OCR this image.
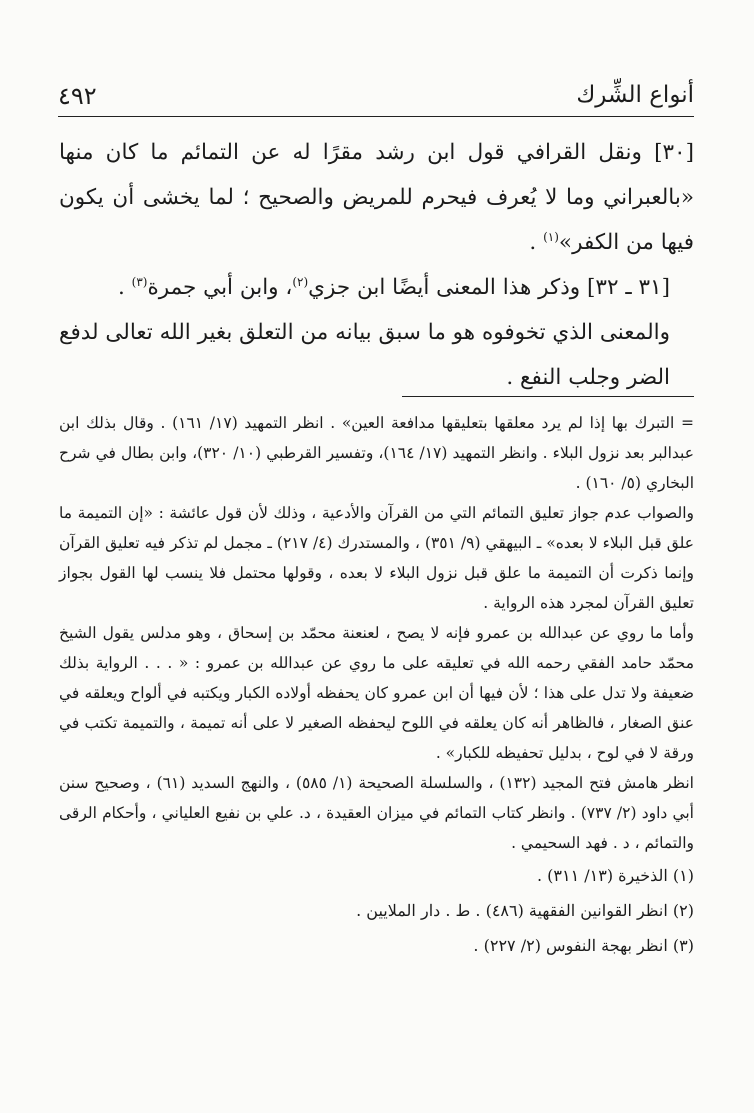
أنواع الشِّرك
٤٩٢

[٣٠] ونقل القرافي قول ابن رشد مقرًا له عن التمائم ما كان منها «بالعبراني وما لا يُعرف فيحرم للمريض والصحيح ؛ لما يخشى أن يكون فيها من الكفر»$^{(١)}$ .

[٣١ ـ ٣٢] وذكر هذا المعنى أيضًا ابن جزي$^{(٢)}$، وابن أبي جمرة$^{(٣)}$ .

والمعنى الذي تخوفوه هو ما سبق بيانه من التعلق بغير الله تعالى لدفع الضر وجلب النفع .

= التبرك بها إذا لم يرد معلقها بتعليقها مدافعة العين» . انظر التمهيد (١٧/ ١٦١) . وقال بذلك ابن عبدالبر بعد نزول البلاء . وانظر التمهيد (١٧/ ١٦٤)، وتفسير القرطبي (١٠/ ٣٢٠)، وابن بطال في شرح البخاري (٥/ ١٦٠) .

والصواب عدم جواز تعليق التمائم التي من القرآن والأدعية ، وذلك لأن قول عائشة : «إن التميمة ما علق قبل البلاء لا بعده» ـ البيهقي (٩/ ٣٥١) ، والمستدرك (٤/ ٢١٧) ـ مجمل لم تذكر فيه تعليق القرآن وإنما ذكرت أن التميمة ما علق قبل نزول البلاء لا بعده ، وقولها محتمل فلا ينسب لها القول بجواز تعليق القرآن لمجرد هذه الرواية .

وأما ما روي عن عبدالله بن عمرو فإنه لا يصح ، لعنعنة محمّد بن إسحاق ، وهو مدلس يقول الشيخ محمّد حامد الفقي رحمه الله في تعليقه على ما روي عن عبدالله بن عمرو : « . . . الرواية بذلك ضعيفة ولا تدل على هذا ؛ لأن فيها أن ابن عمرو كان يحفظه أولاده الكبار ويكتبه في ألواح ويعلقه في عنق الصغار ، فالظاهر أنه كان يعلقه في اللوح ليحفظه الصغير لا على أنه تميمة ، والتميمة تكتب في ورقة لا في لوح ، بدليل تحفيظه للكبار» .

انظر هامش فتح المجيد (١٣٢) ، والسلسلة الصحيحة (١/ ٥٨٥) ، والنهج السديد (٦١) ، وصحيح سنن أبي داود (٢/ ٧٣٧) . وانظر كتاب التمائم في ميزان العقيدة ، د. علي بن نفيع العلياني ، وأحكام الرقى والتمائم ، د . فهد السحيمي .

(١) الذخيرة (١٣/ ٣١١) .

(٢) انظر القوانين الفقهية (٤٨٦) . ط . دار الملايين .

(٣) انظر بهجة النفوس (٢/ ٢٢٧) .
